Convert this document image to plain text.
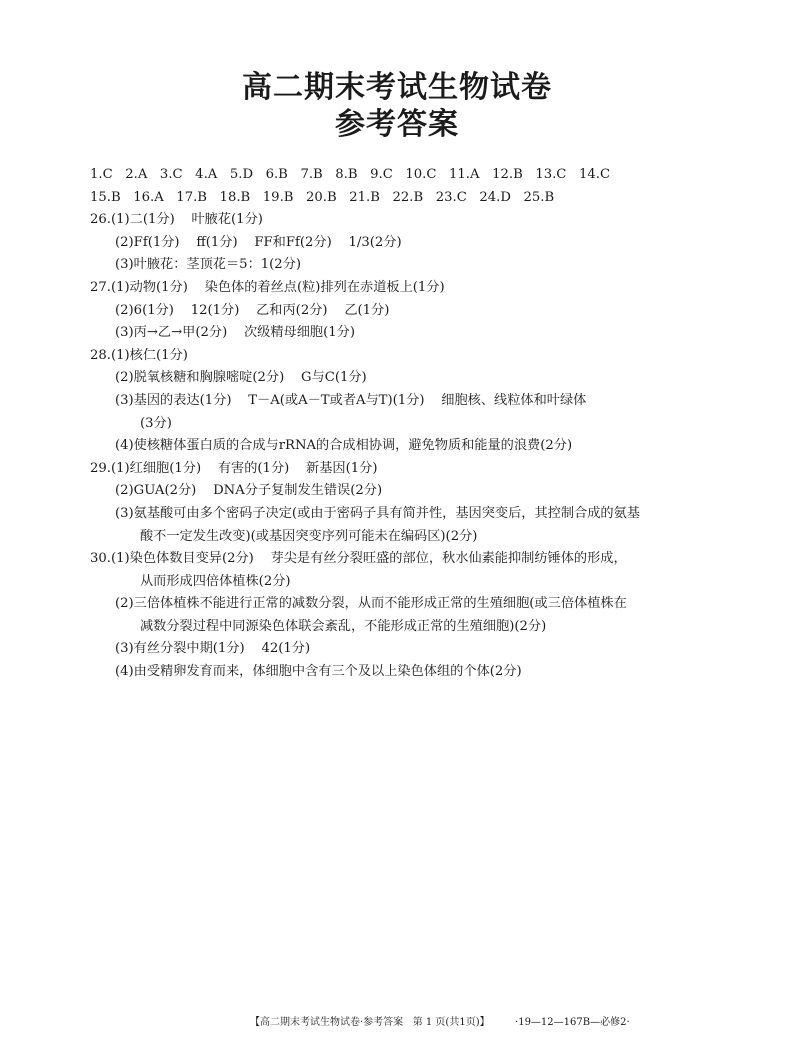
高二期末考试生物试卷
参考答案
1.C   2.A   3.C   4.A   5.D   6.B   7.B   8.B   9.C   10.C   11.A   12.B   13.C   14.C
15.B   16.A   17.B   18.B   19.B   20.B   21.B   22.B   23.C   24.D   25.B
26.(1)二(1分)    叶腋花(1分)
(2)Ff(1分)    ff(1分)    FF和Ff(2分)    1/3(2分)
(3)叶腋花：茎顶花＝5：1(2分)
27.(1)动物(1分)    染色体的着丝点(粒)排列在赤道板上(1分)
(2)6(1分)    12(1分)    乙和丙(2分)    乙(1分)
(3)丙→乙→甲(2分)    次级精母细胞(1分)
28.(1)核仁(1分)
(2)脱氧核糖和胸腺嘧啶(2分)    G与C(1分)
(3)基因的表达(1分)    T－A(或A－T或者A与T)(1分)    细胞核、线粒体和叶绿体
(3分)
(4)使核糖体蛋白质的合成与rRNA的合成相协调，避免物质和能量的浪费(2分)
29.(1)红细胞(1分)    有害的(1分)    新基因(1分)
(2)GUA(2分)    DNA分子复制发生错误(2分)
(3)氨基酸可由多个密码子决定(或由于密码子具有简并性，基因突变后，其控制合成的氨基
酸不一定发生改变)(或基因突变序列可能未在编码区)(2分)
30.(1)染色体数目变异(2分)    芽尖是有丝分裂旺盛的部位，秋水仙素能抑制纺锤体的形成，
从而形成四倍体植株(2分)
(2)三倍体植株不能进行正常的减数分裂，从而不能形成正常的生殖细胞(或三倍体植株在
减数分裂过程中同源染色体联会紊乱，不能形成正常的生殖细胞)(2分)
(3)有丝分裂中期(1分)    42(1分)
(4)由受精卵发育而来，体细胞中含有三个及以上染色体组的个体(2分)
【高二期末考试生物试卷·参考答案   第 1 页(共1页)】        ·19—12—167B—必修2·
